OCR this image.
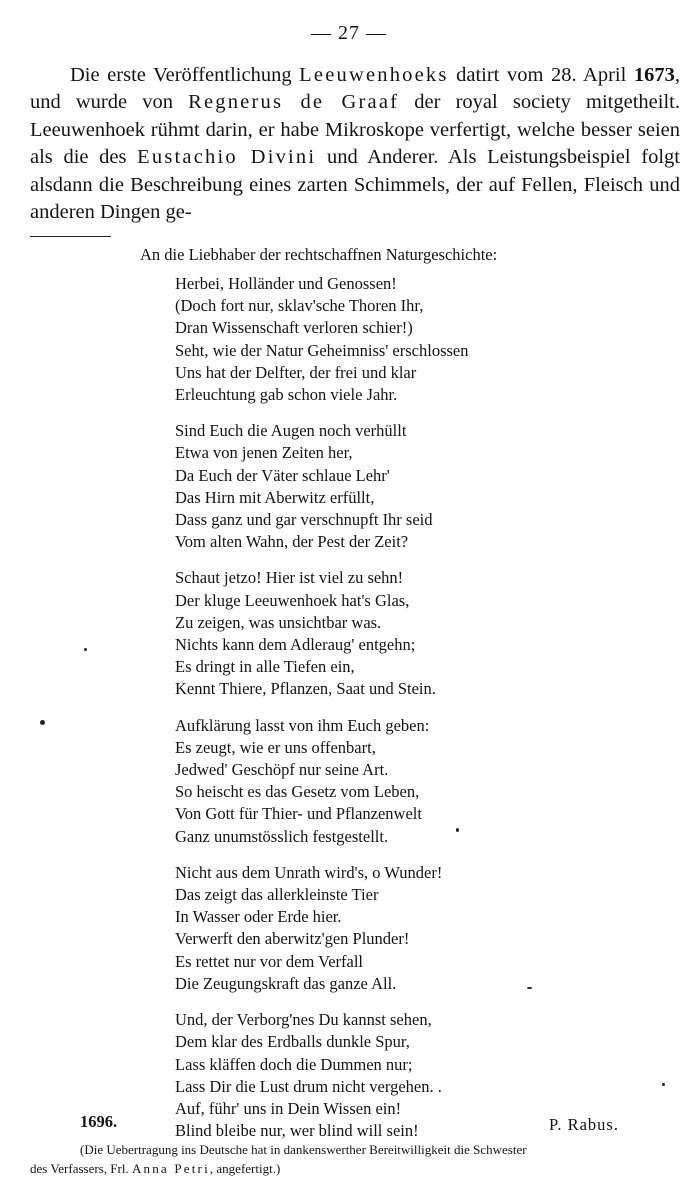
— 27 —

Die erste Veröffentlichung Leeuwenhoeks datirt vom 28. April 1673, und wurde von Regnerus de Graaf der royal society mitgetheilt. Leeuwenhoek rühmt darin, er habe Mikroskope verfertigt, welche besser seien als die des Eustachio Divini und Anderer. Als Leistungsbeispiel folgt alsdann die Beschreibung eines zarten Schimmels, der auf Fellen, Fleisch und anderen Dingen ge-

An die Liebhaber der rechtschaffnen Naturgeschichte:
Herbei, Holländer und Genossen!
(Doch fort nur, sklav'sche Thoren Ihr,
Dran Wissenschaft verloren schier!)
Seht, wie der Natur Geheimniss' erschlossen
Uns hat der Delfter, der frei und klar
Erleuchtung gab schon viele Jahr.
Sind Euch die Augen noch verhüllt
Etwa von jenen Zeiten her,
Da Euch der Väter schlaue Lehr'
Das Hirn mit Aberwitz erfüllt,
Dass ganz und gar verschnupft Ihr seid
Vom alten Wahn, der Pest der Zeit?
Schaut jetzo! Hier ist viel zu sehn!
Der kluge Leeuwenhoek hat's Glas,
Zu zeigen, was unsichtbar was.
Nichts kann dem Adleraug' entgehn;
Es dringt in alle Tiefen ein,
Kennt Thiere, Pflanzen, Saat und Stein.
Aufklärung lasst von ihm Euch geben:
Es zeugt, wie er uns offenbart,
Jedwed' Geschöpf nur seine Art.
So heischt es das Gesetz vom Leben,
Von Gott für Thier- und Pflanzenwelt
Ganz unumstösslich festgestellt.
Nicht aus dem Unrath wird's, o Wunder!
Das zeigt das allerkleinste Tier
In Wasser oder Erde hier.
Verwerft den aberwitz'gen Plunder!
Es rettet nur vor dem Verfall
Die Zeugungskraft das ganze All.
Und, der Verborg'nes Du kannst sehen,
Dem klar des Erdballs dunkle Spur,
Lass kläffen doch die Dummen nur;
Lass Dir die Lust drum nicht vergehen. .
Auf, führ' uns in Dein Wissen ein!
Blind bleibe nur, wer blind will sein!
1696.	P. Rabus.
(Die Uebertragung ins Deutsche hat in dankenswerther Bereitwilligkeit die Schwester
des Verfassers, Frl. Anna Petri, angefertigt.)
